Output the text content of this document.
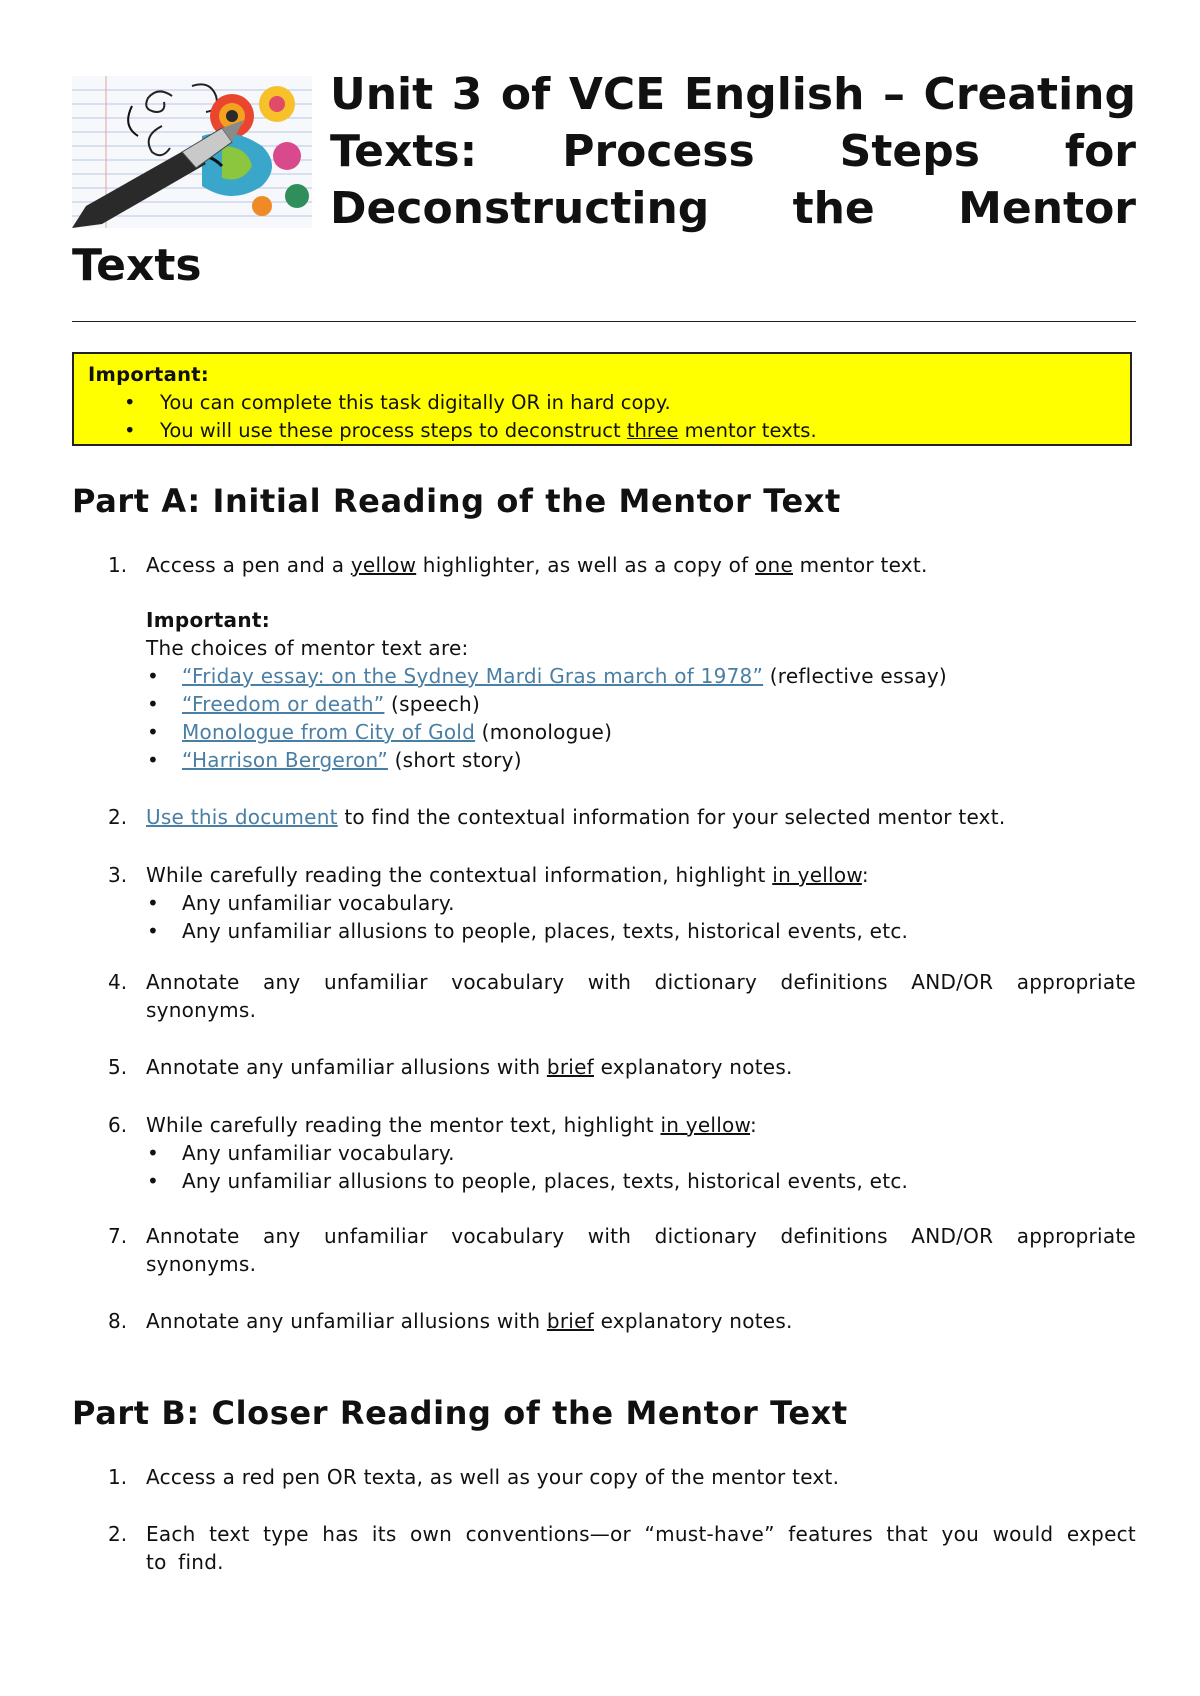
Unit 3 of VCE English – Creating Texts: Process Steps for Deconstructing the Mentor Texts
Important:
• You can complete this task digitally OR in hard copy.
• You will use these process steps to deconstruct three mentor texts.
Part A: Initial Reading of the Mentor Text
1. Access a pen and a yellow highlighter, as well as a copy of one mentor text.
Important:
The choices of mentor text are:
• “Friday essay: on the Sydney Mardi Gras march of 1978” (reflective essay)
• “Freedom or death” (speech)
• Monologue from City of Gold (monologue)
• “Harrison Bergeron” (short story)
2. Use this document to find the contextual information for your selected mentor text.
3. While carefully reading the contextual information, highlight in yellow:
• Any unfamiliar vocabulary.
• Any unfamiliar allusions to people, places, texts, historical events, etc.
4. Annotate any unfamiliar vocabulary with dictionary definitions AND/OR appropriate synonyms.
5. Annotate any unfamiliar allusions with brief explanatory notes.
6. While carefully reading the mentor text, highlight in yellow:
• Any unfamiliar vocabulary.
• Any unfamiliar allusions to people, places, texts, historical events, etc.
7. Annotate any unfamiliar vocabulary with dictionary definitions AND/OR appropriate synonyms.
8. Annotate any unfamiliar allusions with brief explanatory notes.
Part B: Closer Reading of the Mentor Text
1. Access a red pen OR texta, as well as your copy of the mentor text.
2. Each text type has its own conventions—or “must-have” features that you would expect to find.
